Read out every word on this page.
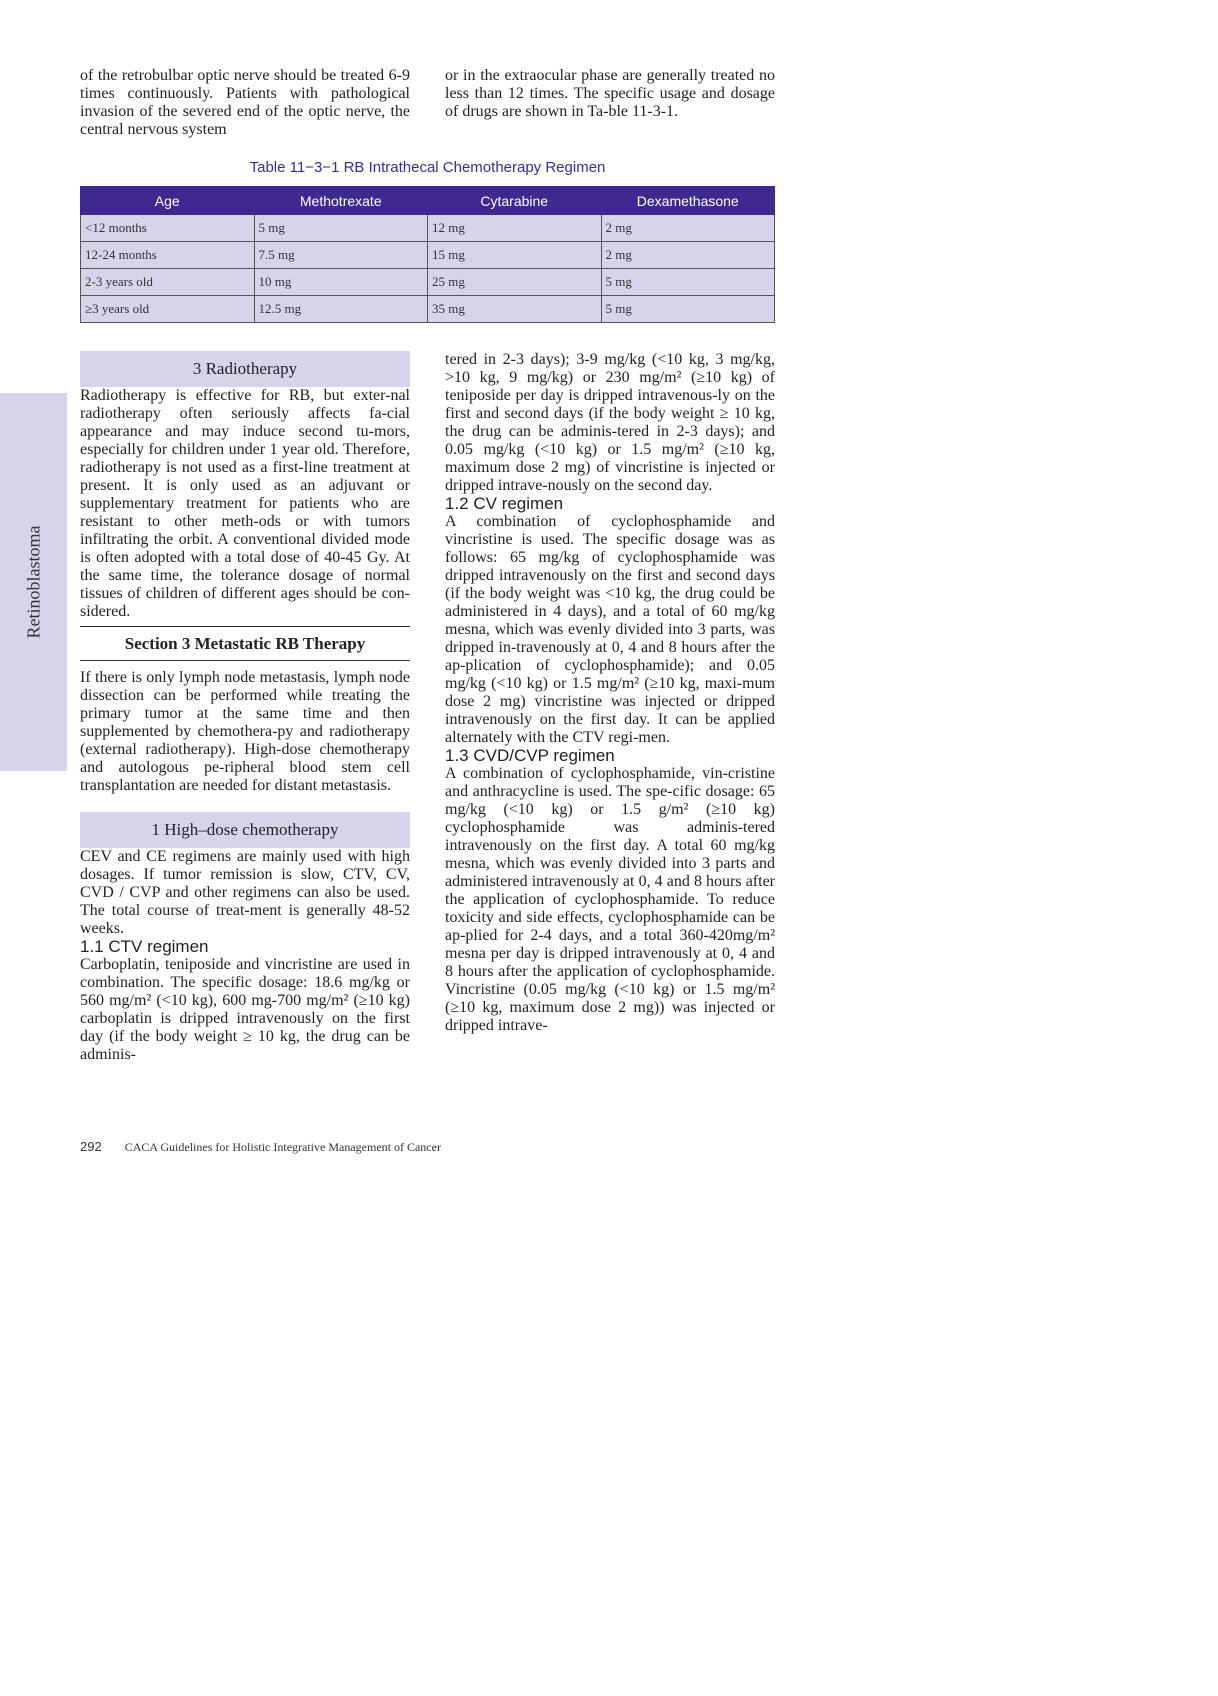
Retinoblastoma

of the retrobulbar optic nerve should be treated 6-9 times continuously. Patients with pathological invasion of the severed end of the optic nerve, the central nervous system

or in the extraocular phase are generally treated no less than 12 times. The specific usage and dosage of drugs are shown in Ta-ble 11-3-1.

Table 11−3−1 RB Intrathecal Chemotherapy Regimen
Age	Methotrexate	Cytarabine	Dexamethasone
<12 months	5 mg	12 mg	2 mg
12-24 months	7.5 mg	15 mg	2 mg
2-3 years old	10 mg	25 mg	5 mg
≥3 years old	12.5 mg	35 mg	5 mg
3 Radiotherapy

Radiotherapy is effective for RB, but exter-nal radiotherapy often seriously affects fa-cial appearance and may induce second tu-mors, especially for children under 1 year old. Therefore, radiotherapy is not used as a first-line treatment at present. It is only used as an adjuvant or supplementary treatment for patients who are resistant to other meth-ods or with tumors infiltrating the orbit. A conventional divided mode is often adopted with a total dose of 40-45 Gy. At the same time, the tolerance dosage of normal tissues of children of different ages should be con-sidered.

Section 3 Metastatic RB Therapy

If there is only lymph node metastasis, lymph node dissection can be performed while treating the primary tumor at the same time and then supplemented by chemothera-py and radiotherapy (external radiotherapy). High-dose chemotherapy and autologous pe-ripheral blood stem cell transplantation are needed for distant metastasis.

1 High–dose chemotherapy

CEV and CE regimens are mainly used with high dosages. If tumor remission is slow, CTV, CV, CVD / CVP and other regimens can also be used. The total course of treat-ment is generally 48-52 weeks.

1.1 CTV regimen

Carboplatin, teniposide and vincristine are used in combination. The specific dosage: 18.6 mg/kg or 560 mg/m² (<10 kg), 600 mg-700 mg/m² (≥10 kg) carboplatin is dripped intravenously on the first day (if the body weight ≥ 10 kg, the drug can be adminis-

tered in 2-3 days); 3-9 mg/kg (<10 kg, 3 mg/kg, >10 kg, 9 mg/kg) or 230 mg/m² (≥10 kg) of teniposide per day is dripped intravenous-ly on the first and second days (if the body weight ≥ 10 kg, the drug can be adminis-tered in 2-3 days); and 0.05 mg/kg (<10 kg) or 1.5 mg/m² (≥10 kg, maximum dose 2 mg) of vincristine is injected or dripped intrave-nously on the second day.

1.2 CV regimen

A combination of cyclophosphamide and vincristine is used. The specific dosage was as follows: 65 mg/kg of cyclophosphamide was dripped intravenously on the first and second days (if the body weight was <10 kg, the drug could be administered in 4 days), and a total of 60 mg/kg mesna, which was evenly divided into 3 parts, was dripped in-travenously at 0, 4 and 8 hours after the ap-plication of cyclophosphamide); and 0.05 mg/kg (<10 kg) or 1.5 mg/m² (≥10 kg, maxi-mum dose 2 mg) vincristine was injected or dripped intravenously on the first day. It can be applied alternately with the CTV regi-men.

1.3 CVD/CVP regimen

A combination of cyclophosphamide, vin-cristine and anthracycline is used. The spe-cific dosage: 65 mg/kg (<10 kg) or 1.5 g/m² (≥10 kg) cyclophosphamide was adminis-tered intravenously on the first day. A total 60 mg/kg mesna, which was evenly divided into 3 parts and administered intravenously at 0, 4 and 8 hours after the application of cyclophosphamide. To reduce toxicity and side effects, cyclophosphamide can be ap-plied for 2-4 days, and a total 360-420mg/m² mesna per day is dripped intravenously at 0, 4 and 8 hours after the application of cyclophosphamide. Vincristine (0.05 mg/kg (<10 kg) or 1.5 mg/m² (≥10 kg, maximum dose 2 mg)) was injected or dripped intrave-

292 CACA Guidelines for Holistic Integrative Management of Cancer
